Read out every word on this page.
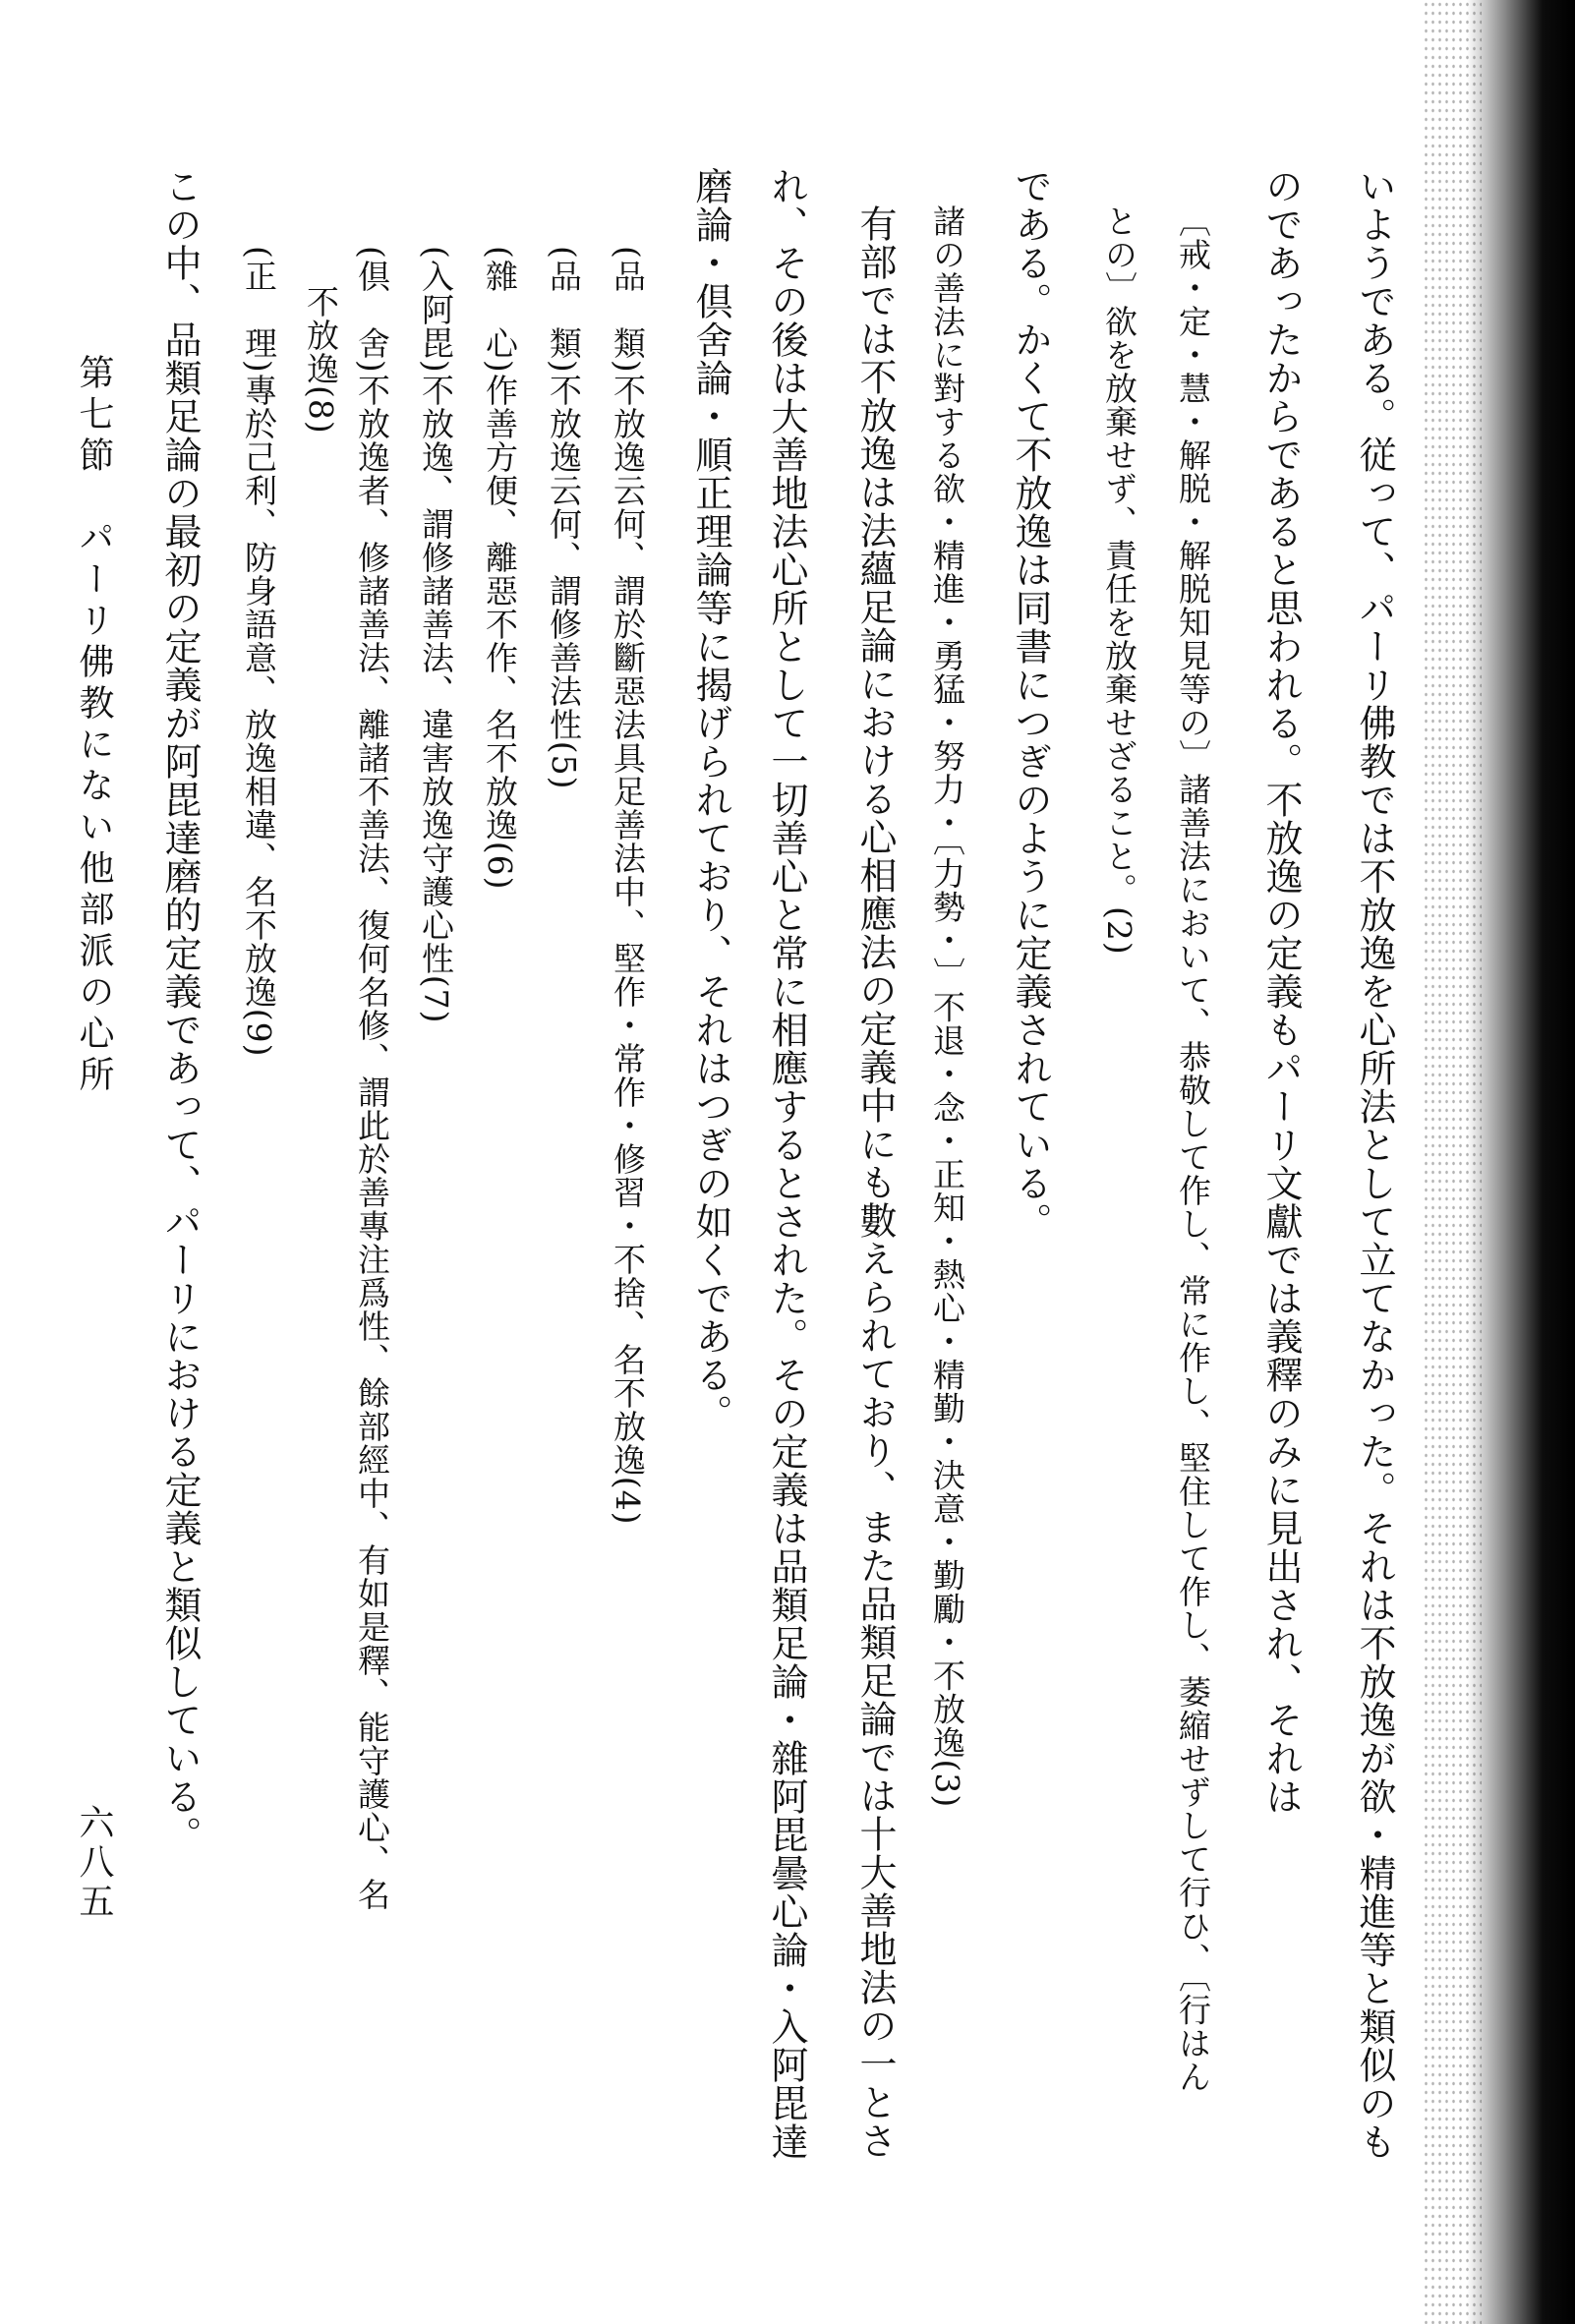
いようである。従って、パーリ佛教では不放逸を心所法として立てなかった。それは不放逸が欲・精進等と類似のも
のであったからであると思われる。不放逸の定義もパーリ文獻では義釋のみに見出され、それは
〔戒・定・慧・解脱・解脱知見等の〕諸善法において、恭敬して作し、常に作し、堅住して作し、萎縮せずして行ひ、〔行はん
との〕欲を放棄せず、責任を放棄せざること。(2)
である。かくて不放逸は同書につぎのように定義されている。
諸の善法に對する欲・精進・勇猛・努力・〔力勢・〕不退・念・正知・熱心・精勤・決意・勤勵・不放逸(3)
有部では不放逸は法蘊足論における心相應法の定義中にも數えられており、また品類足論では十大善地法の一とさ
れ、その後は大善地法心所として一切善心と常に相應するとされた。その定義は品類足論・雜阿毘曇心論・入阿毘達
磨論・倶舍論・順正理論等に揭げられており、それはつぎの如くである。
(品　類)不放逸云何、謂於斷惡法具足善法中、堅作・常作・修習・不捨、名不放逸(4)
(品　類)不放逸云何、謂修善法性(5)
(雜　心)作善方便、離惡不作、名不放逸(6)
(入阿毘)不放逸、謂修諸善法、違害放逸守護心性(7)
(倶　舍)不放逸者、修諸善法、離諸不善法、復何名修、謂此於善專注爲性、餘部經中、有如是釋、能守護心、名
不放逸(8)
(正　理)專於己利、防身語意、放逸相違、名不放逸(9)
この中、品類足論の最初の定義が阿毘達磨的定義であって、パーリにおける定義と類似している。
第七節　パーリ佛教にない他部派の心所
六八五
